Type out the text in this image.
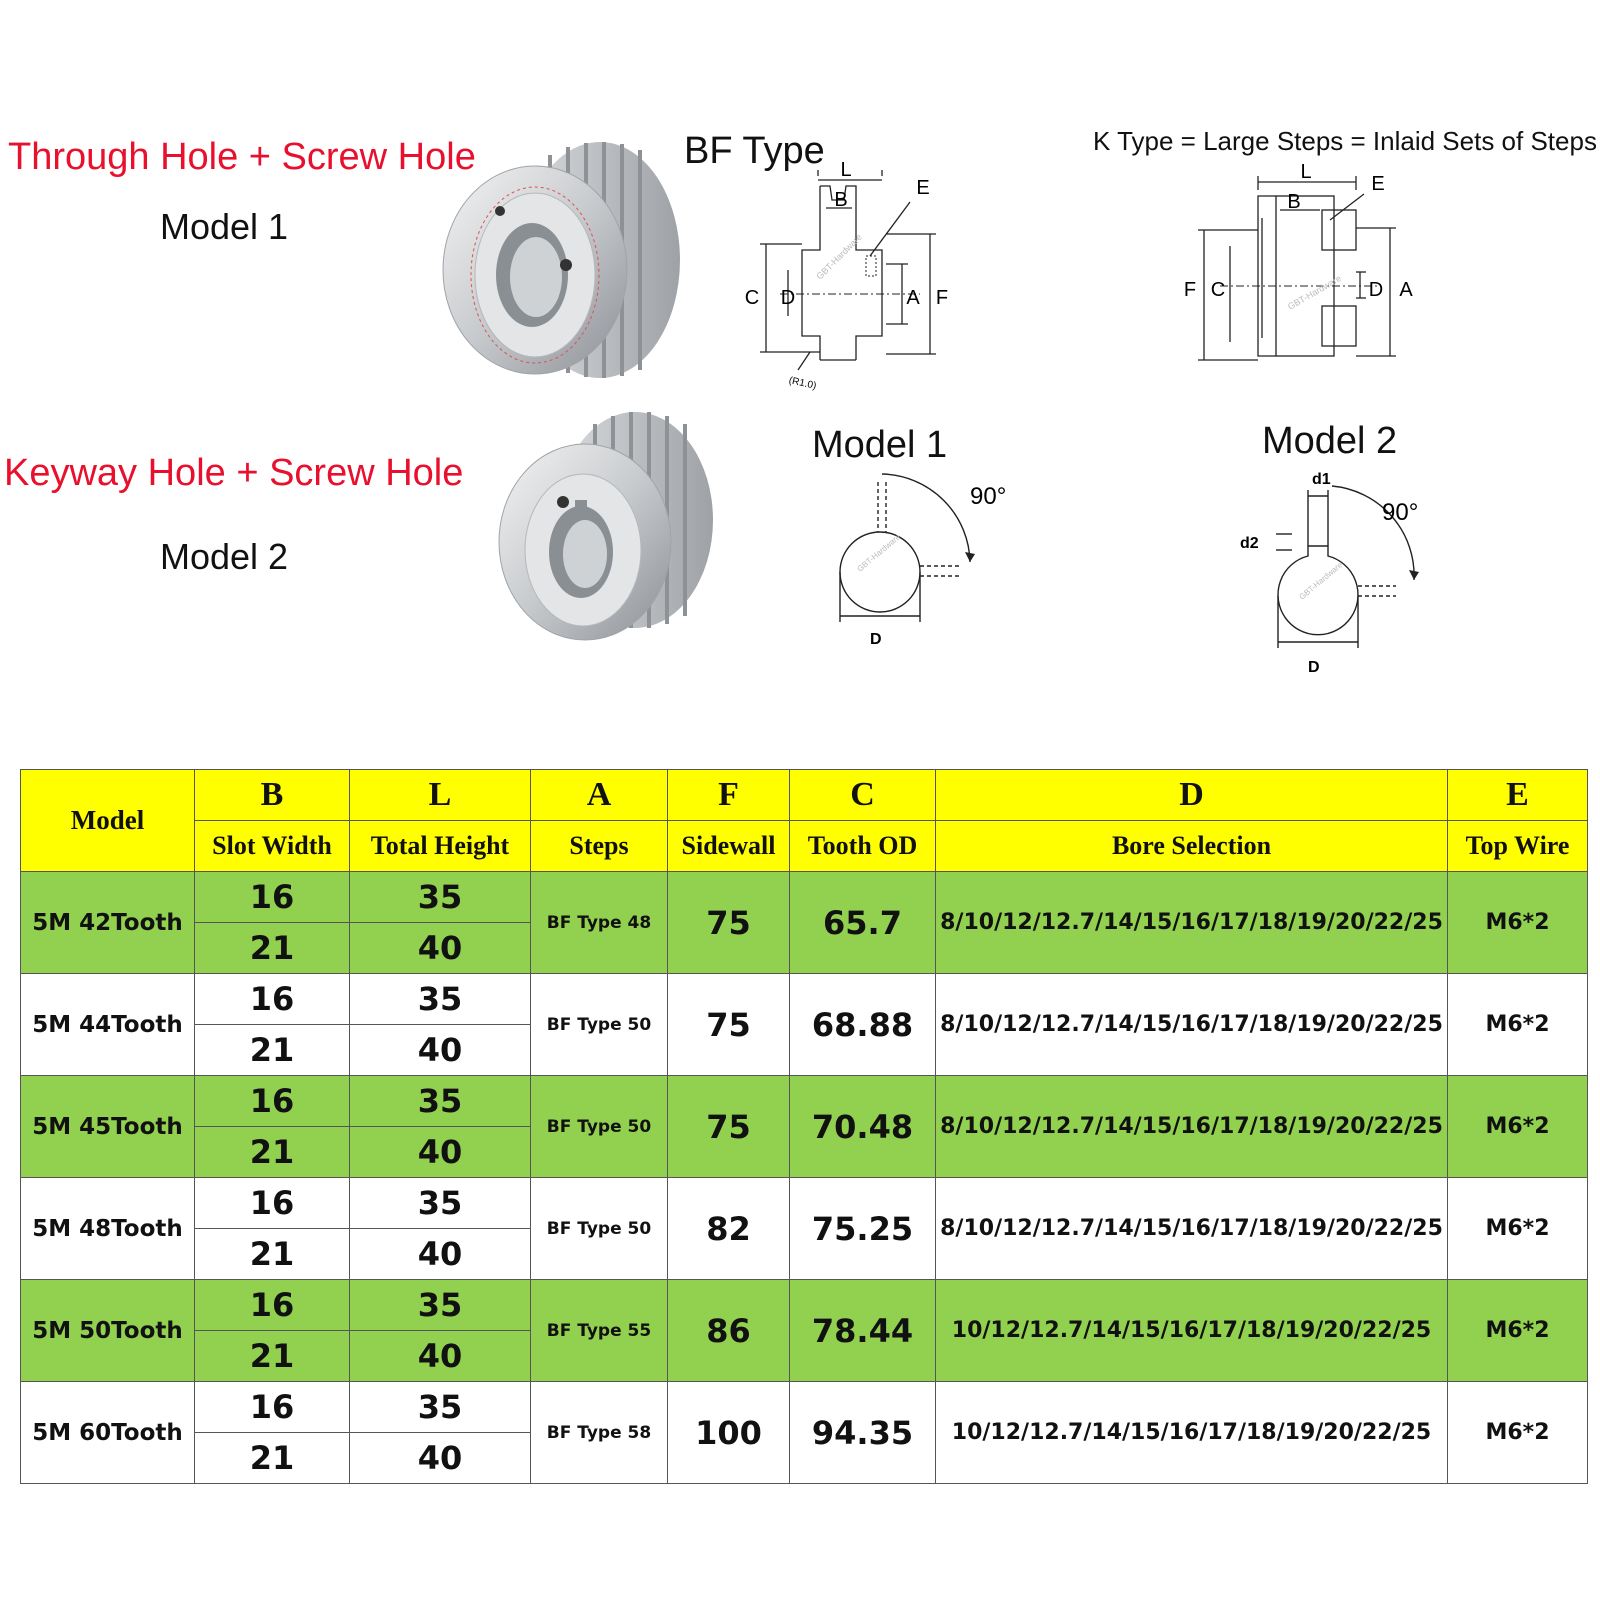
Through Hole + Screw Hole
Model 1
Keyway Hole + Screw Hole
Model 2
BF Type	K Type = Large Steps = Inlaid Sets of Steps
Model 1	Model 2
L
B
E
C D	A F
(R1.0)
GBT-Hardware
L
B
E
F C	D A
GBT-Hardware
90°
D
GBT-Hardware
d1
d2
90°
D
GBT-Hardware
Model	B	L	A	F	C	D	E
	Slot Width	Total Height	Steps	Sidewall	Tooth OD	Bore Selection	Top Wire
5M 42Tooth	16	35	BF Type 48	75	65.7	8/10/12/12.7/14/15/16/17/18/19/20/22/25	M6*2
	21	40					
5M 44Tooth	16	35	BF Type 50	75	68.88	8/10/12/12.7/14/15/16/17/18/19/20/22/25	M6*2
	21	40					
5M 45Tooth	16	35	BF Type 50	75	70.48	8/10/12/12.7/14/15/16/17/18/19/20/22/25	M6*2
	21	40					
5M 48Tooth	16	35	BF Type 50	82	75.25	8/10/12/12.7/14/15/16/17/18/19/20/22/25	M6*2
	21	40					
5M 50Tooth	16	35	BF Type 55	86	78.44	10/12/12.7/14/15/16/17/18/19/20/22/25	M6*2
	21	40					
5M 60Tooth	16	35	BF Type 58	100	94.35	10/12/12.7/14/15/16/17/18/19/20/22/25	M6*2
	21	40					
